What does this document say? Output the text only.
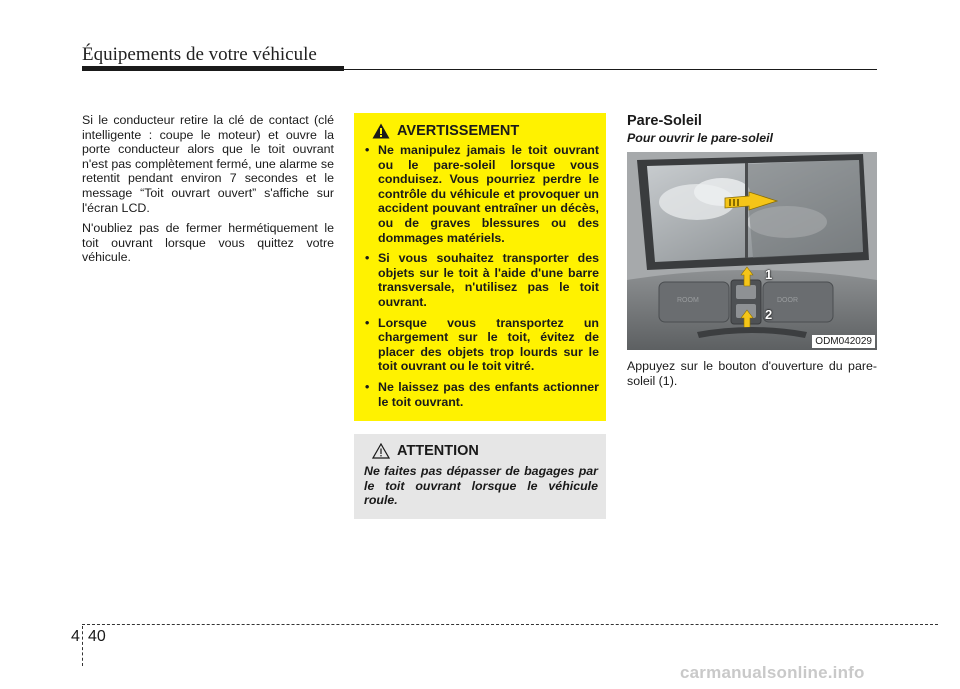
Équipements de votre véhicule

Si le conducteur retire la clé de contact (clé intelligente : coupe le moteur) et ouvre la porte conducteur alors que le toit ouvrant n'est pas complètement fermé, une alarme se retentit pendant environ 7 secondes et le message “Toit ouvrart ouvert” s'affiche sur l'écran LCD.

N'oubliez pas de fermer hermétiquement le toit ouvrant lorsque vous quittez votre véhicule.

AVERTISSEMENT
• Ne manipulez jamais le toit ouvrant ou le pare-soleil lorsque vous conduisez. Vous pourriez perdre le contrôle du véhicule et provoquer un accident pouvant entraîner un décès, ou de graves blessures ou des dommages matériels.
• Si vous souhaitez transporter des objets sur le toit à l'aide d'une barre transversale, n'utilisez pas le toit ouvrant.
• Lorsque vous transportez un chargement sur le toit, évitez de placer des objets trop lourds sur le toit ouvrant ou le toit vitré.
• Ne laissez pas des enfants actionner le toit ouvrant.
ATTENTION

Ne faites pas dépasser de bagages par le toit ouvrant lorsque le véhicule roule.

Pare-Soleil
Pour ouvrir le pare-soleil
ROOM	DOOR
1
2
ODM042029

Appuyez sur le bouton d'ouverture du pare-soleil (1).

4 40
carmanualsonline.info
